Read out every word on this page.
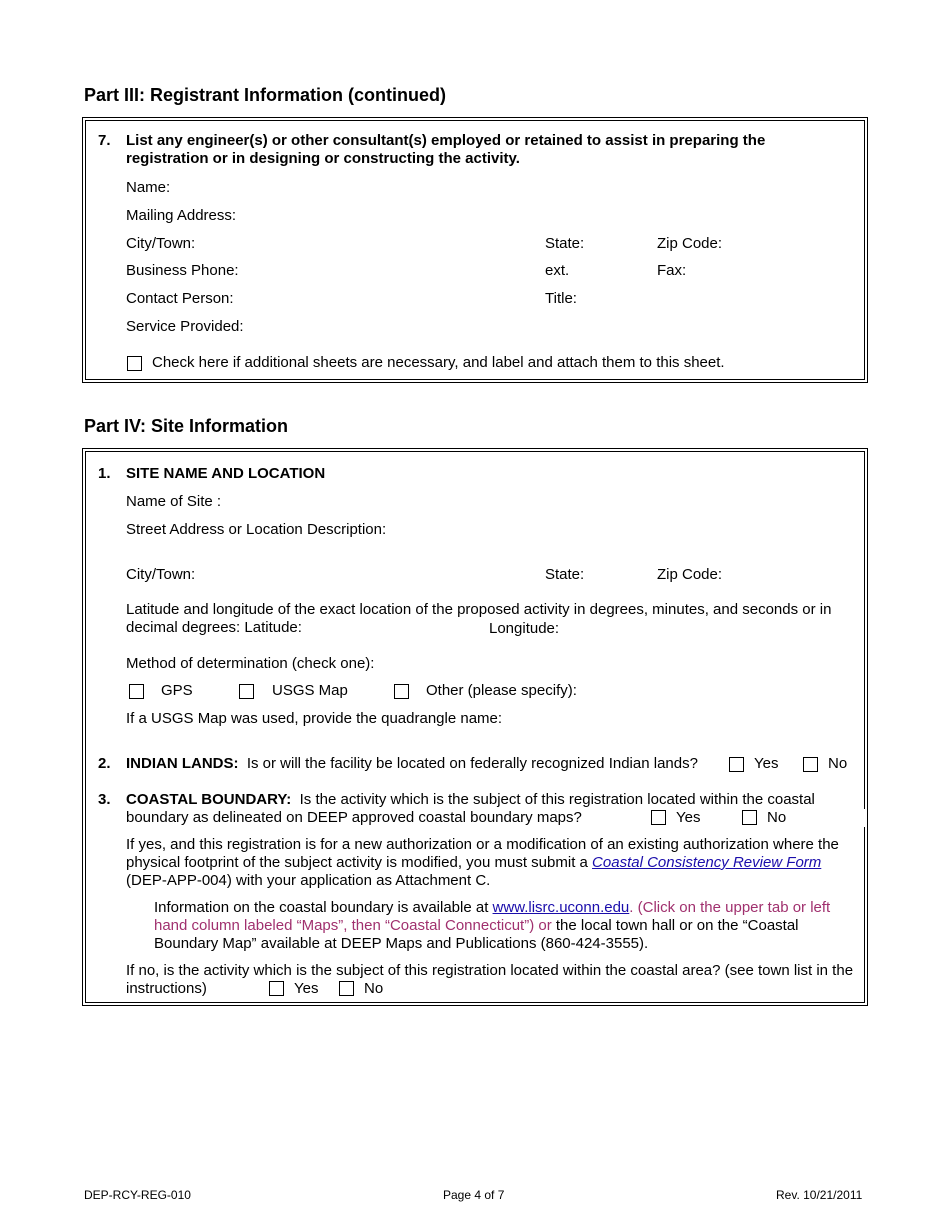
Part III: Registrant Information (continued)
7. List any engineer(s) or other consultant(s) employed or retained to assist in preparing the registration or in designing or constructing the activity.
Name:
Mailing Address:
City/Town:	State:	Zip Code:
Business Phone:	ext.	Fax:
Contact Person:	Title:
Service Provided:
Check here if additional sheets are necessary, and label and attach them to this sheet.
Part IV: Site Information
1. SITE NAME AND LOCATION
Name of Site :
Street Address or Location Description:
City/Town:	State:	Zip Code:
Latitude and longitude of the exact location of the proposed activity in degrees, minutes, and seconds or in decimal degrees: Latitude:	Longitude:
Method of determination (check one):
GPS	USGS Map	Other (please specify):
If a USGS Map was used, provide the quadrangle name:
2. INDIAN LANDS: Is or will the facility be located on federally recognized Indian lands?	Yes	No
3. COASTAL BOUNDARY: Is the activity which is the subject of this registration located within the coastal boundary as delineated on DEEP approved coastal boundary maps?	Yes	No
If yes, and this registration is for a new authorization or a modification of an existing authorization where the physical footprint of the subject activity is modified, you must submit a Coastal Consistency Review Form (DEP-APP-004) with your application as Attachment C.
Information on the coastal boundary is available at www.lisrc.uconn.edu. (Click on the upper tab or left hand column labeled “Maps”, then “Coastal Connecticut”) or the local town hall or on the “Coastal Boundary Map” available at DEEP Maps and Publications (860-424-3555).
If no, is the activity which is the subject of this registration located within the coastal area? (see town list in the instructions)	Yes	No
DEP-RCY-REG-010	Page 4 of 7	Rev. 10/21/2011
